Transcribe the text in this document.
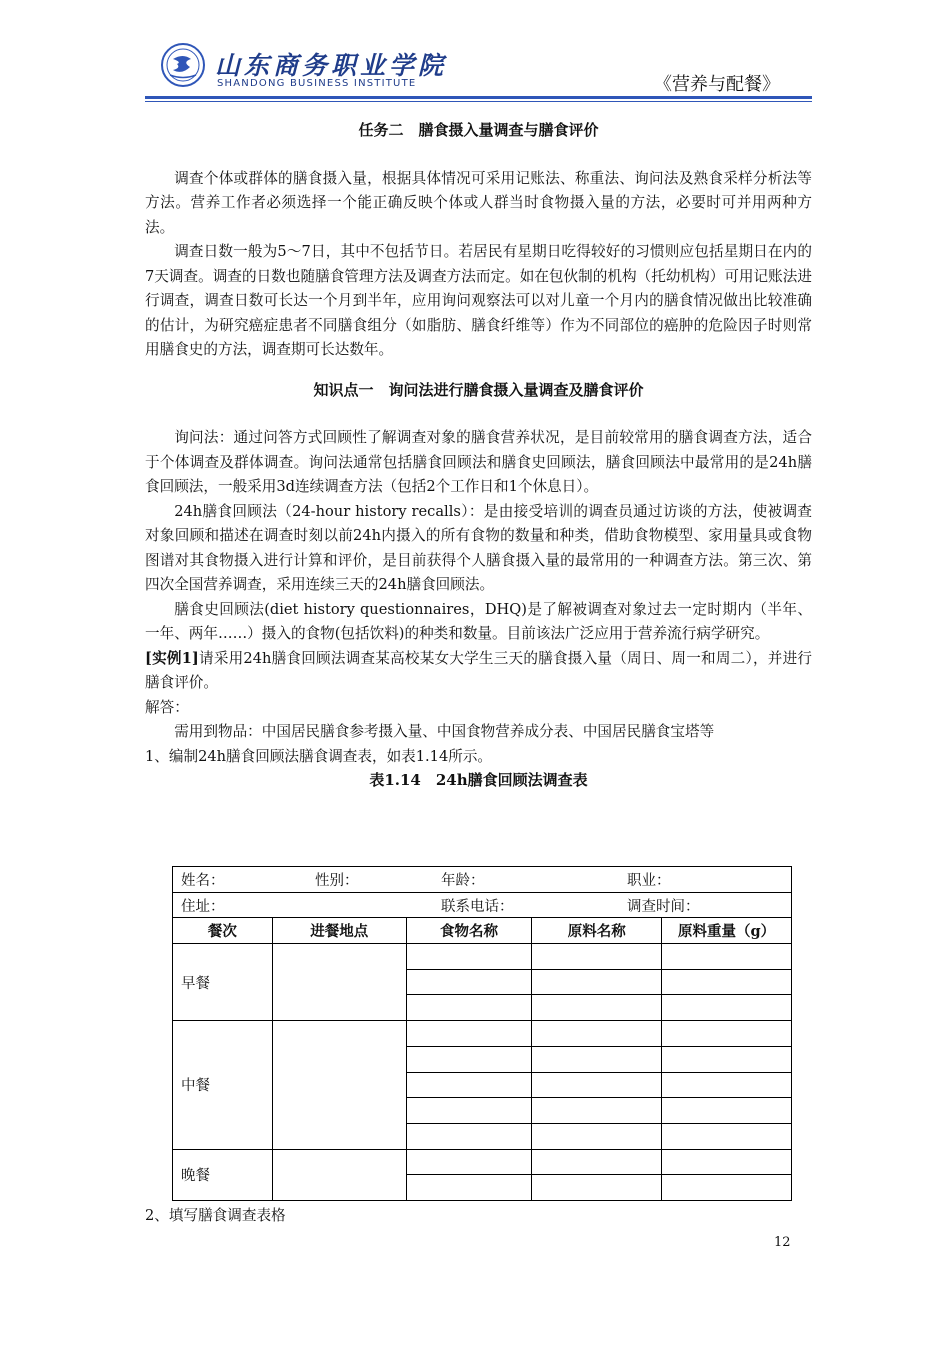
山东商务职业学院
SHANDONG BUSINESS INSTITUTE	《营养与配餐》
任务二　膳食摄入量调查与膳食评价

调查个体或群体的膳食摄入量，根据具体情况可采用记账法、称重法、询问法及熟食采样分析法等方法。营养工作者必须选择一个能正确反映个体或人群当时食物摄入量的方法，必要时可并用两种方法。

调查日数一般为5～7日，其中不包括节日。若居民有星期日吃得较好的习惯则应包括星期日在内的7天调查。调查的日数也随膳食管理方法及调查方法而定。如在包伙制的机构（托幼机构）可用记账法进行调查，调查日数可长达一个月到半年，应用询问观察法可以对儿童一个月内的膳食情况做出比较准确的估计，为研究癌症患者不同膳食组分（如脂肪、膳食纤维等）作为不同部位的癌肿的危险因子时则常用膳食史的方法，调查期可长达数年。

知识点一　询问法进行膳食摄入量调查及膳食评价

询问法：通过问答方式回顾性了解调查对象的膳食营养状况，是目前较常用的膳食调查方法，适合于个体调查及群体调查。询问法通常包括膳食回顾法和膳食史回顾法，膳食回顾法中最常用的是24h膳食回顾法，一般采用3d连续调查方法（包括2个工作日和1个休息日）。

24h膳食回顾法（24-hour history recalls）：是由接受培训的调查员通过访谈的方法，使被调查对象回顾和描述在调查时刻以前24h内摄入的所有食物的数量和种类，借助食物模型、家用量具或食物图谱对其食物摄入进行计算和评价，是目前获得个人膳食摄入量的最常用的一种调查方法。第三次、第四次全国营养调查，采用连续三天的24h膳食回顾法。

膳食史回顾法(diet history questionnaires，DHQ)是了解被调查对象过去一定时期内（半年、一年、两年……）摄入的食物(包括饮料)的种类和数量。目前该法广泛应用于营养流行病学研究。

[实例1]请采用24h膳食回顾法调查某高校某女大学生三天的膳食摄入量（周日、周一和周二），并进行膳食评价。

解答：

需用到物品：中国居民膳食参考摄入量、中国食物营养成分表、中国居民膳食宝塔等

1、编制24h膳食回顾法膳食调查表，如表1.14所示。

表1.14　24h膳食回顾法调查表
姓名： 性别： 年龄： 职业：				

住址： 联系电话： 调查时间：				

餐次	进餐地点	食物名称	原料名称	原料重量（g）
早餐				

中餐				

晚餐				

2、填写膳食调查表格
12
